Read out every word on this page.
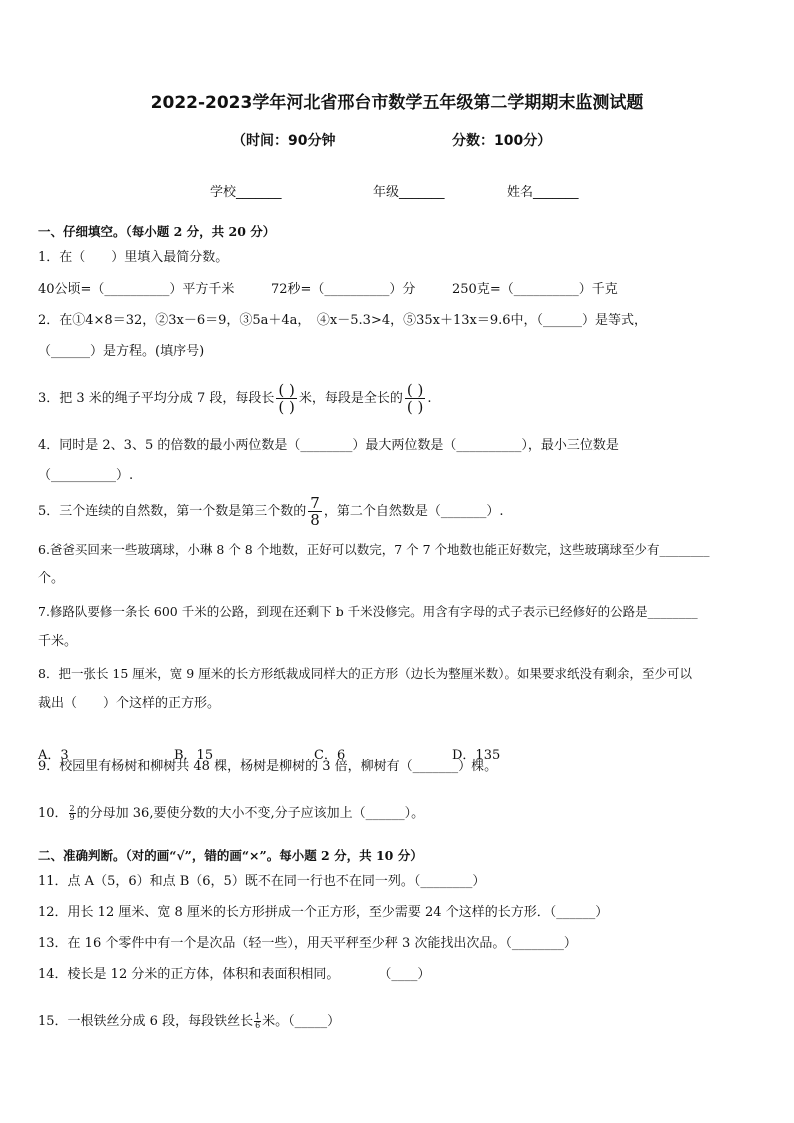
2022-2023学年河北省邢台市数学五年级第二学期期末监测试题
（时间：90分钟	分数：100分）
学校_______	年级_______	姓名_______
一、仔细填空。（每小题 2 分，共 20 分）
1．在（　　）里填入最简分数。
40公顷=（__________）平方千米	72秒=（__________）分	250克=（__________）千克
2．在①4×8＝32，②3x－6＝9，③5a＋4a，　④x－5.3>4，⑤35x＋13x＝9.6中，（______）是等式，
（______）是方程。(填序号)
3．把 3 米的绳子平均分成 7 段，每段长 $\frac{( )}{( )}$ 米，每段是全长的 $\frac{( )}{( )}$ .
4．同时是 2、3、5 的倍数的最小两位数是（________）最大两位数是（__________），最小三位数是
（__________）.
5．三个连续的自然数，第一个数是第三个数的 $\frac{7}{8}$ ，第二个自然数是（_______）.
6.爸爸买回来一些玻璃球，小琳 8 个 8 个地数，正好可以数完，7 个 7 个地数也能正好数完，这些玻璃球至少有________
个。
7.修路队要修一条长 600 千米的公路，到现在还剩下 b 千米没修完。用含有字母的式子表示已经修好的公路是________
千米。
8．把一张长 15 厘米，宽 9 厘米的长方形纸裁成同样大的正方形（边长为整厘米数）。如果要求纸没有剩余，至少可以
裁出（　　）个这样的正方形。
A．3	B．15	C．6	D．135
9．校园里有杨树和柳树共 48 棵，杨树是柳树的 3 倍，柳树有（_______）棵。
10． $\frac{2}{9}$ 的分母加 36,要使分数的大小不变,分子应该加上（______）。
二、准确判断。（对的画“√”，错的画“×”。每小题 2 分，共 10 分）
11．点 A（5，6）和点 B（6，5）既不在同一行也不在同一列。（________）
12．用长 12 厘米、宽 8 厘米的长方形拼成一个正方形，至少需要 24 个这样的长方形．（______）
13．在 16 个零件中有一个是次品（轻一些），用天平秤至少秤 3 次能找出次品。（________）
14．棱长是 12 分米的正方体，体积和表面积相同。　　　　（____）
15．一根铁丝分成 6 段，每段铁丝长 $\frac{1}{6}$ 米。（_____）
